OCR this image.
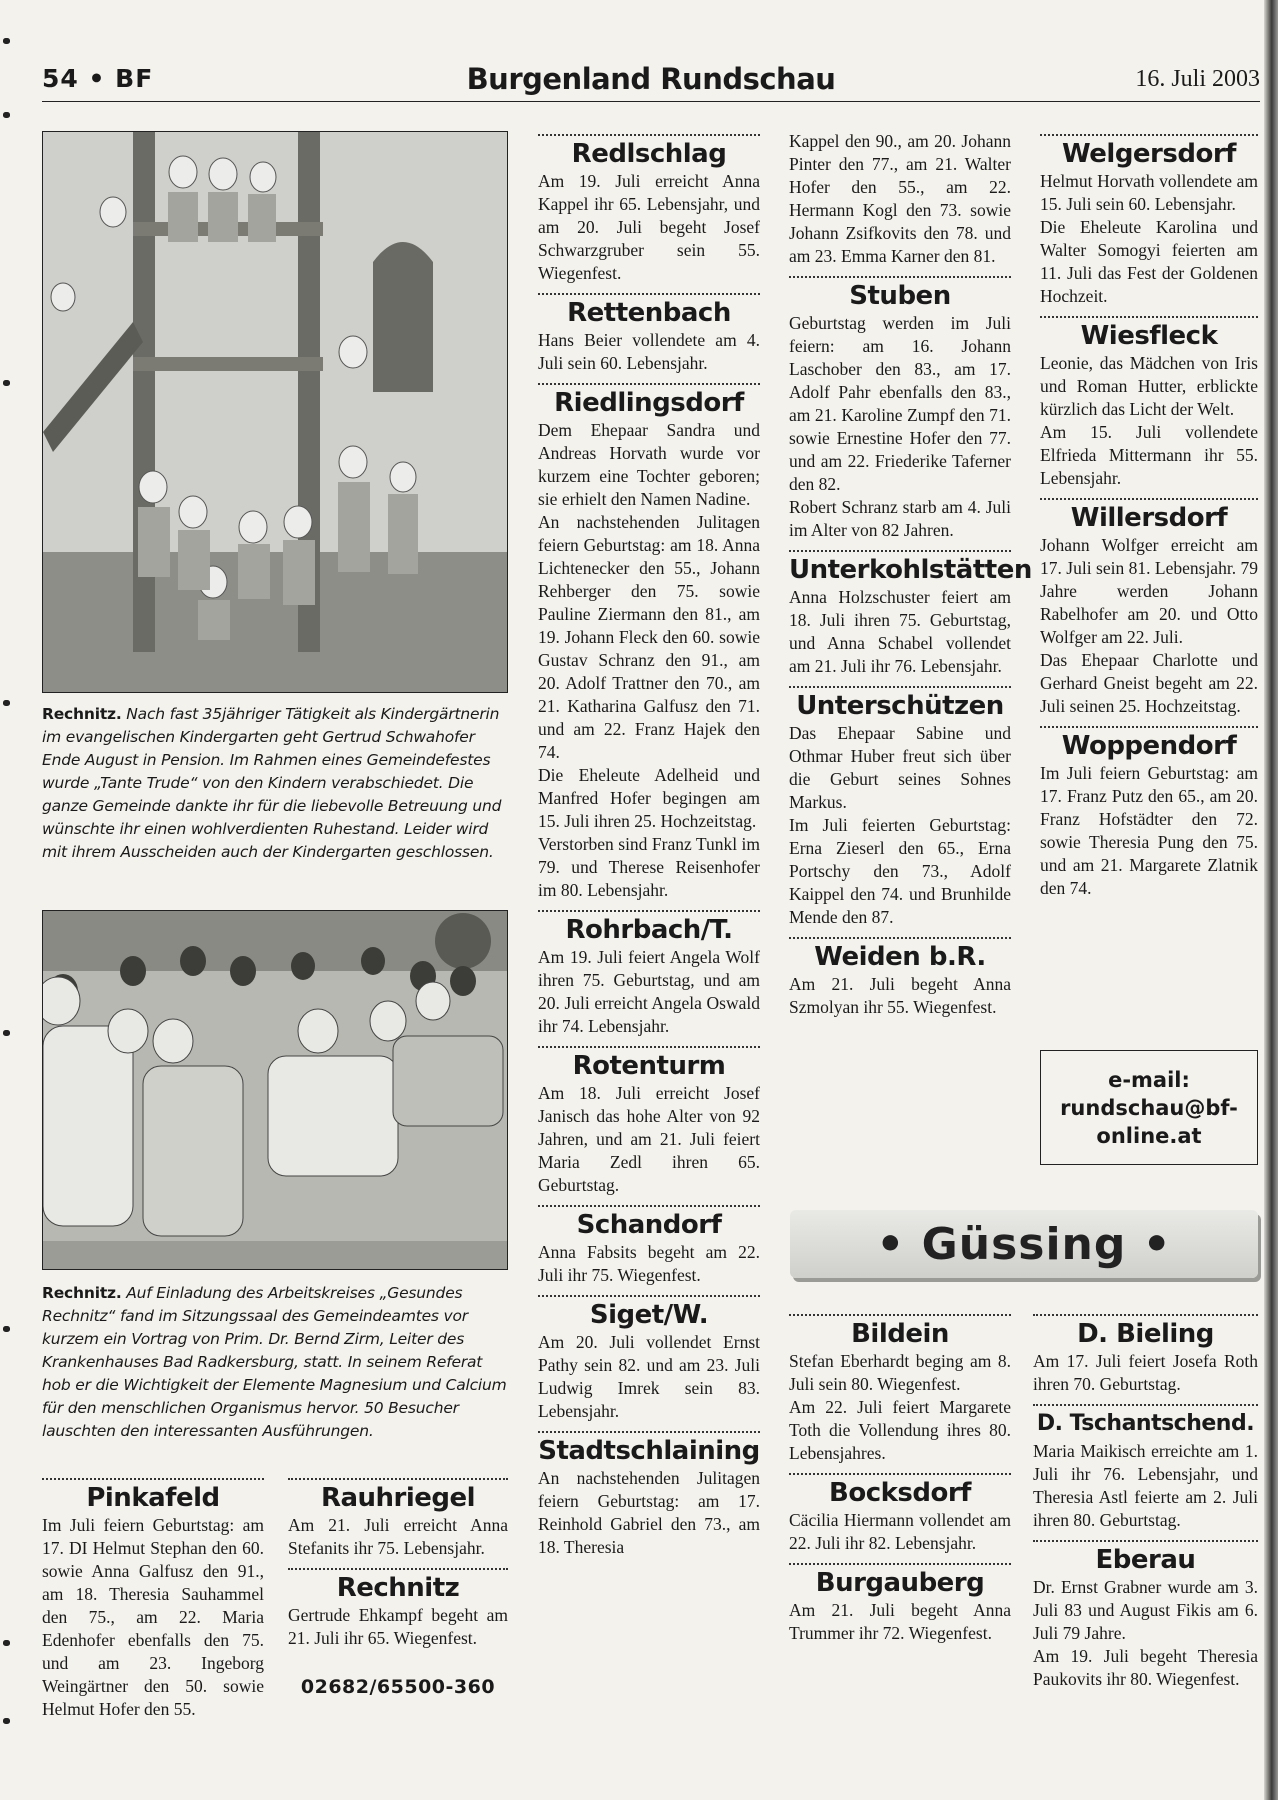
54 • BF	Burgenland Rundschau	16. Juli 2003
Rechnitz. Nach fast 35jähriger Tätigkeit als Kindergärtnerin im evangelischen Kindergarten geht Gertrud Schwahofer Ende August in Pension. Im Rahmen eines Gemeindefestes wurde „Tante Trude“ von den Kindern verabschiedet. Die ganze Gemeinde dankte ihr für die liebevolle Betreuung und wünschte ihr einen wohlverdienten Ruhestand. Leider wird mit ihrem Ausscheiden auch der Kindergarten geschlossen.
Rechnitz. Auf Einladung des Arbeitskreises „Gesundes Rechnitz“ fand im Sitzungssaal des Gemeindeamtes vor kurzem ein Vortrag von Prim. Dr. Bernd Zirm, Leiter des Krankenhauses Bad Radkersburg, statt. In seinem Referat hob er die Wichtigkeit der Elemente Magnesium und Calcium für den menschlichen Organismus hervor. 50 Besucher lauschten den interessanten Ausführungen.
Pinkafeld
Im Juli feiern Geburtstag: am 17. DI Helmut Stephan den 60. sowie Anna Galfusz den 91., am 18. Theresia Sauhammel den 75., am 22. Maria Edenhofer ebenfalls den 75. und am 23. Ingeborg Weingärtner den 50. sowie Helmut Hofer den 55.
Rauhriegel
Am 21. Juli erreicht Anna Stefanits ihr 75. Lebensjahr.
Rechnitz
Gertrude Ehkampf begeht am 21. Juli ihr 65. Wiegenfest.
02682/65500-360
Redlschlag
Am 19. Juli erreicht Anna Kappel ihr 65. Lebensjahr, und am 20. Juli begeht Josef Schwarzgruber sein 55. Wiegenfest.
Rettenbach
Hans Beier vollendete am 4. Juli sein 60. Lebensjahr.
Riedlingsdorf
Dem Ehepaar Sandra und Andreas Horvath wurde vor kurzem eine Tochter geboren; sie erhielt den Namen Nadine.
An nachstehenden Julitagen feiern Geburtstag: am 18. Anna Lichtenecker den 55., Johann Rehberger den 75. sowie Pauline Ziermann den 81., am 19. Johann Fleck den 60. sowie Gustav Schranz den 91., am 20. Adolf Trattner den 70., am 21. Katharina Galfusz den 71. und am 22. Franz Hajek den 74.
Die Eheleute Adelheid und Manfred Hofer begingen am 15. Juli ihren 25. Hochzeitstag.
Verstorben sind Franz Tunkl im 79. und Therese Reisenhofer im 80. Lebensjahr.
Rohrbach/T.
Am 19. Juli feiert Angela Wolf ihren 75. Geburtstag, und am 20. Juli erreicht Angela Oswald ihr 74. Lebensjahr.
Rotenturm
Am 18. Juli erreicht Josef Janisch das hohe Alter von 92 Jahren, und am 21. Juli feiert Maria Zedl ihren 65. Geburtstag.
Schandorf
Anna Fabsits begeht am 22. Juli ihr 75. Wiegenfest.
Siget/W.
Am 20. Juli vollendet Ernst Pathy sein 82. und am 23. Juli Ludwig Imrek sein 83. Lebensjahr.
Stadtschlaining
An nachstehenden Julitagen feiern Geburtstag: am 17. Reinhold Gabriel den 73., am 18. Theresia
Kappel den 90., am 20. Johann Pinter den 77., am 21. Walter Hofer den 55., am 22. Hermann Kogl den 73. sowie Johann Zsifkovits den 78. und am 23. Emma Karner den 81.
Stuben
Geburtstag werden im Juli feiern: am 16. Johann Laschober den 83., am 17. Adolf Pahr ebenfalls den 83., am 21. Karoline Zumpf den 71. sowie Ernestine Hofer den 77. und am 22. Friederike Taferner den 82.
Robert Schranz starb am 4. Juli im Alter von 82 Jahren.
Unterkohlstätten
Anna Holzschuster feiert am 18. Juli ihren 75. Geburtstag, und Anna Schabel vollendet am 21. Juli ihr 76. Lebensjahr.
Unterschützen
Das Ehepaar Sabine und Othmar Huber freut sich über die Geburt seines Sohnes Markus.
Im Juli feierten Geburtstag: Erna Zieserl den 65., Erna Portschy den 73., Adolf Kaippel den 74. und Brunhilde Mende den 87.
Weiden b.R.
Am 21. Juli begeht Anna Szmolyan ihr 55. Wiegenfest.
Welgersdorf
Helmut Horvath vollendete am 15. Juli sein 60. Lebensjahr.
Die Eheleute Karolina und Walter Somogyi feierten am 11. Juli das Fest der Goldenen Hochzeit.
Wiesfleck
Leonie, das Mädchen von Iris und Roman Hutter, erblickte kürzlich das Licht der Welt.
Am 15. Juli vollendete Elfrieda Mittermann ihr 55. Lebensjahr.
Willersdorf
Johann Wolfger erreicht am 17. Juli sein 81. Lebensjahr. 79 Jahre werden Johann Rabelhofer am 20. und Otto Wolfger am 22. Juli.
Das Ehepaar Charlotte und Gerhard Gneist begeht am 22. Juli seinen 25. Hochzeitstag.
Woppendorf
Im Juli feiern Geburtstag: am 17. Franz Putz den 65., am 20. Franz Hofstädter den 72. sowie Theresia Pung den 75. und am 21. Margarete Zlatnik den 74.
e-mail:
rundschau@bf-
online.at
• Güssing •
Bildein
Stefan Eberhardt beging am 8. Juli sein 80. Wiegenfest.
Am 22. Juli feiert Margarete Toth die Vollendung ihres 80. Lebensjahres.
Bocksdorf
Cäcilia Hiermann vollendet am 22. Juli ihr 82. Lebensjahr.
Burgauberg
Am 21. Juli begeht Anna Trummer ihr 72. Wiegenfest.
D. Bieling
Am 17. Juli feiert Josefa Roth ihren 70. Geburtstag.
D. Tschantschend.
Maria Maikisch erreichte am 1. Juli ihr 76. Lebensjahr, und Theresia Astl feierte am 2. Juli ihren 80. Geburtstag.
Eberau
Dr. Ernst Grabner wurde am 3. Juli 83 und August Fikis am 6. Juli 79 Jahre.
Am 19. Juli begeht Theresia Paukovits ihr 80. Wiegenfest.
